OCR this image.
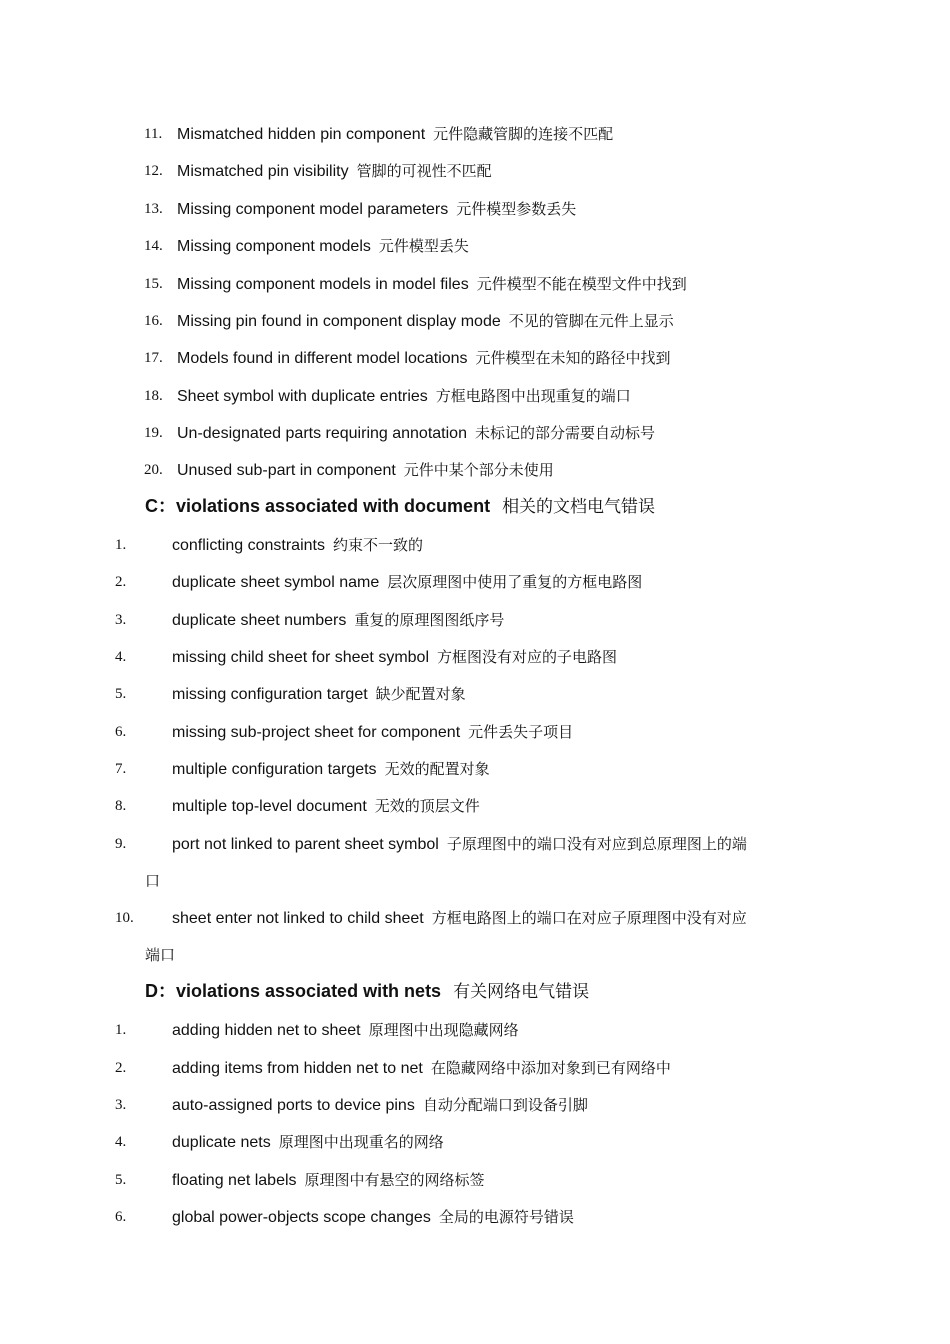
11. Mismatched hidden pin component 元件隐藏管脚的连接不匹配
12. Mismatched pin visibility 管脚的可视性不匹配
13. Missing component model parameters 元件模型参数丢失
14. Missing component models 元件模型丢失
15. Missing component models in model files 元件模型不能在模型文件中找到
16. Missing pin found in component display mode 不见的管脚在元件上显示
17. Models found in different model locations 元件模型在未知的路径中找到
18. Sheet symbol with duplicate entries 方框电路图中出现重复的端口
19. Un-designated parts requiring annotation 未标记的部分需要自动标号
20. Unused sub-part in component 元件中某个部分未使用
C：violations associated with document 相关的文档电气错误
1.	conflicting constraints 约束不一致的
2.	duplicate sheet symbol name 层次原理图中使用了重复的方框电路图
3.	duplicate sheet numbers 重复的原理图图纸序号
4.	missing child sheet for sheet symbol 方框图没有对应的子电路图
5.	missing configuration target 缺少配置对象
6.	missing sub-project sheet for component 元件丢失子项目
7.	multiple configuration targets 无效的配置对象
8.	multiple top-level document 无效的顶层文件
9.	port not linked to parent sheet symbol 子原理图中的端口没有对应到总原理图上的端
口
10. sheet enter not linked to child sheet 方框电路图上的端口在对应子原理图中没有对应
端口
D：violations associated with nets 有关网络电气错误
1.	adding hidden net to sheet 原理图中出现隐藏网络
2.	adding items from hidden net to net 在隐藏网络中添加对象到已有网络中
3.	auto-assigned ports to device pins 自动分配端口到设备引脚
4.	duplicate nets 原理图中出现重名的网络
5.	floating net labels 原理图中有悬空的网络标签
6.	global power-objects scope changes 全局的电源符号错误
